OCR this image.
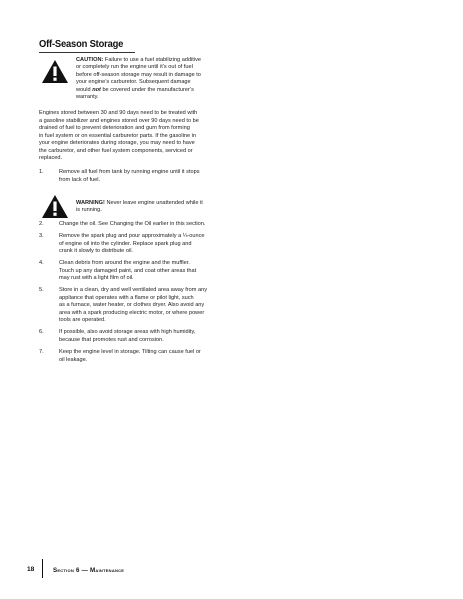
Off-Season Storage
CAUTION: Failure to use a fuel stabilizing additive
or completely run the engine until it’s out of fuel
before off-season storage may result in damage to
your engine’s carburetor. Subsequent damage
would not be covered under the manufacturer’s
warranty.
Engines stored between 30 and 90 days need to be treated with
a gasoline stabilizer and engines stored over 90 days need to be
drained of fuel to prevent deterioration and gum from forming
in fuel system or on essential carburetor parts. If the gasoline in
your engine deteriorates during storage, you may need to have
the carburetor, and other fuel system components, serviced or
replaced.
1.	Remove all fuel from tank by running engine until it stops
from lack of fuel.
WARNING! Never leave engine unattended while it
is running.
2.	Change the oil. See Changing the Oil earlier in this section.
3.	Remove the spark plug and pour approximately a ¼-ounce
of engine oil into the cylinder. Replace spark plug and
crank it slowly to distribute oil.
4.	Clean debris from around the engine and the muffler.
Touch up any damaged paint, and coat other areas that
may rust with a light film of oil.
5.	Store in a clean, dry and well ventilated area away from any
appliance that operates with a flame or pilot light, such
as a furnace, water heater, or clothes dryer. Also avoid any
area with a spark producing electric motor, or where power
tools are operated.
6.	If possible, also avoid storage areas with high humidity,
because that promotes rust and corrosion.
7.	Keep the engine level in storage. Tilting can cause fuel or
oil leakage.
18	Section 6 — Maintenance
